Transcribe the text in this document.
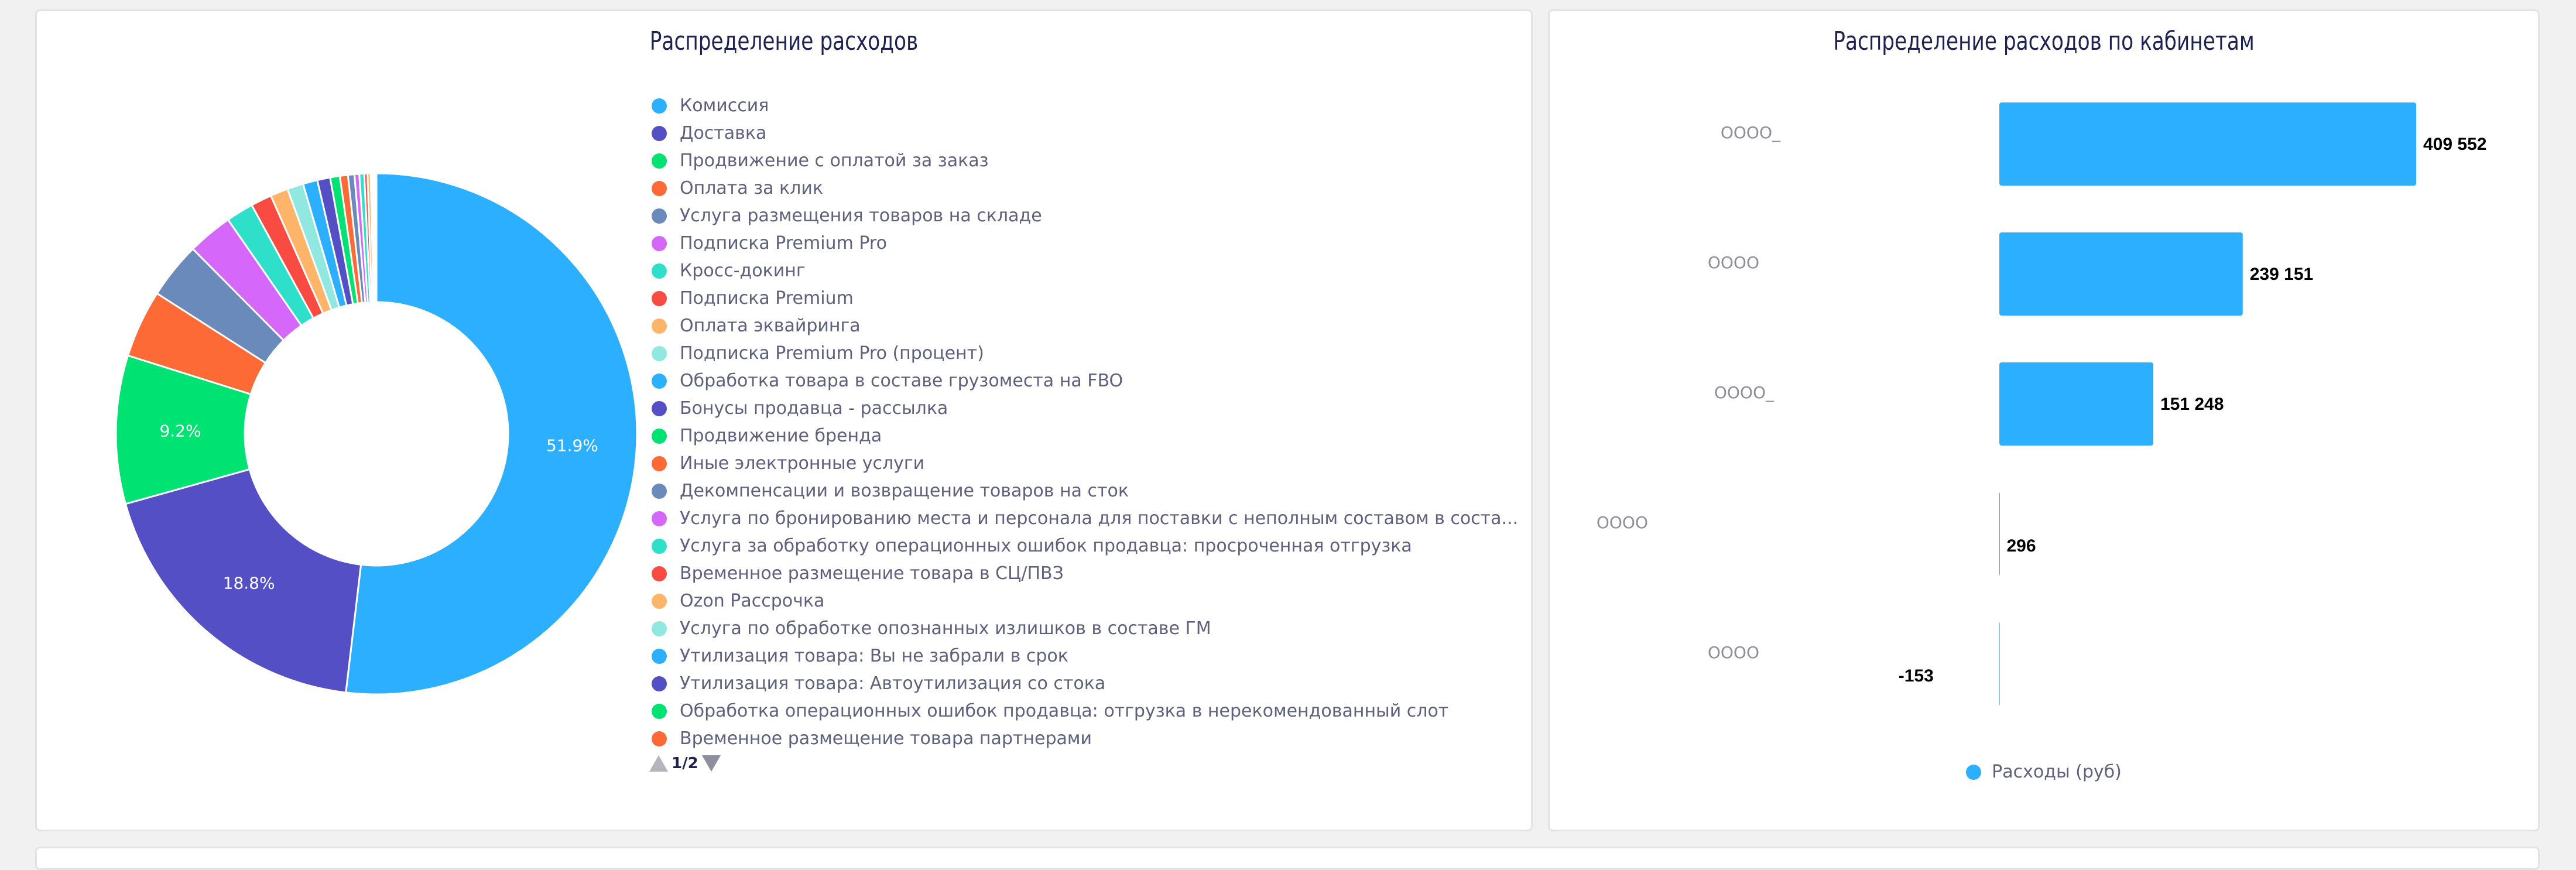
Распределение расходов
51.9%
18.8%
9.2%
Комиссия
Доставка
Продвижение с оплатой за заказ
Оплата за клик
Услуга размещения товаров на складе
Подписка Premium Pro
Кросс-докинг
Подписка Premium
Оплата эквайринга
Подписка Premium Pro (процент)
Обработка товара в составе грузоместа на FBO
Бонусы продавца - рассылка
Продвижение бренда
Иные электронные услуги
Декомпенсации и возвращение товаров на сток
Услуга по бронированию места и персонала для поставки с неполным составом в соста...
Услуга за обработку операционных ошибок продавца: просроченная отгрузка
Временное размещение товара в СЦ/ПВЗ
Ozon Рассрочка
Услуга по обработке опознанных излишков в составе ГМ
Утилизация товара: Вы не забрали в срок
Утилизация товара: Автоутилизация со стока
Обработка операционных ошибок продавца: отгрузка в нерекомендованный слот
Временное размещение товара партнерами
1/2
Распределение расходов по кабинетам
ОООО_
409 552
ОООО
239 151
ОООО_
151 248
ОООО
296
ОООО
-153
Расходы (руб)
